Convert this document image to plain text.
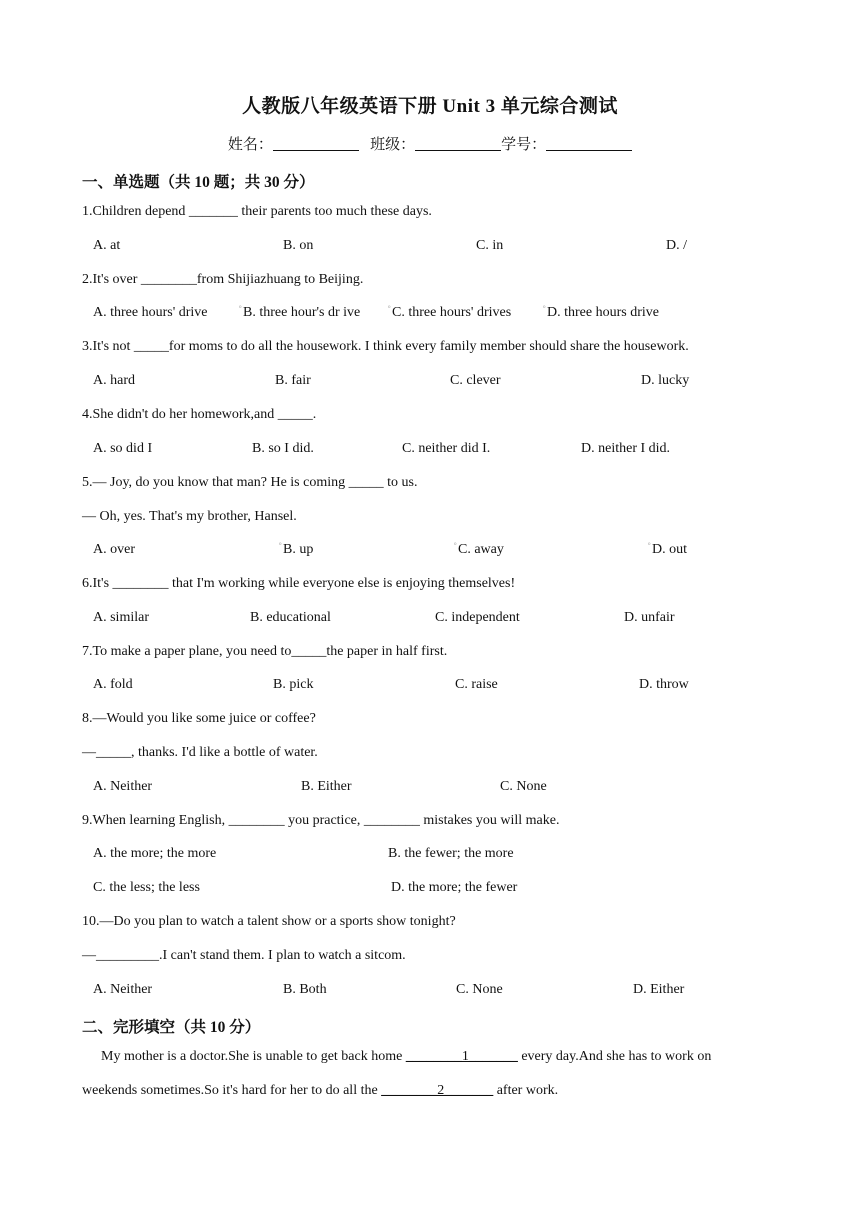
人教版八年级英语下册 Unit 3 单元综合测试
姓名：	班级：	学号：
一、单选题（共 10 题；共 30 分）
1.Children depend _______ their parents too much these days.
A. at	B. on	C. in	D. /
2.It's over ________from Shijiazhuang to Beijing.
A. three hours' drive	o B. three hour's dr ive	o C. three hours' drives	o D. three hours drive
3.It's not _____for moms to do all the housework. I think every family member should share the housework.
A. hard	B. fair	C. clever	D. lucky
4.She didn't do her homework,and _____.
A. so did I	B. so I did.	C. neither did I.	D. neither I did.
5.— Joy, do you know that man? He is coming _____ to us.
— Oh, yes. That's my brother, Hansel.
A. over	o B. up	o C. away	o D. out
6.It's ________ that I'm working while everyone else is enjoying themselves!
A. similar	B. educational	C. independent	D. unfair
7.To make a paper plane, you need to_____the paper in half first.
A. fold	B. pick	C. raise	D. throw
8.—Would you like some juice or coffee?
—_____, thanks. I'd like a bottle of water.
A. Neither	B. Either	C. None
9.When learning English, ________ you practice, ________ mistakes you will make.
A. the more; the more	B. the fewer; the more
C. the less; the less	D. the more; the fewer
10.—Do you plan to watch a talent show or a sports show tonight?
—_________.I can't stand them. I plan to watch a sitcom.
A. Neither	B. Both	C. None	D. Either
二、完形填空（共 10 分）
My mother is a doctor.She is unable to get back home ________1_______ every day.And she has to work on
weekends sometimes.So it's hard for her to do all the ________2_______ after work.
